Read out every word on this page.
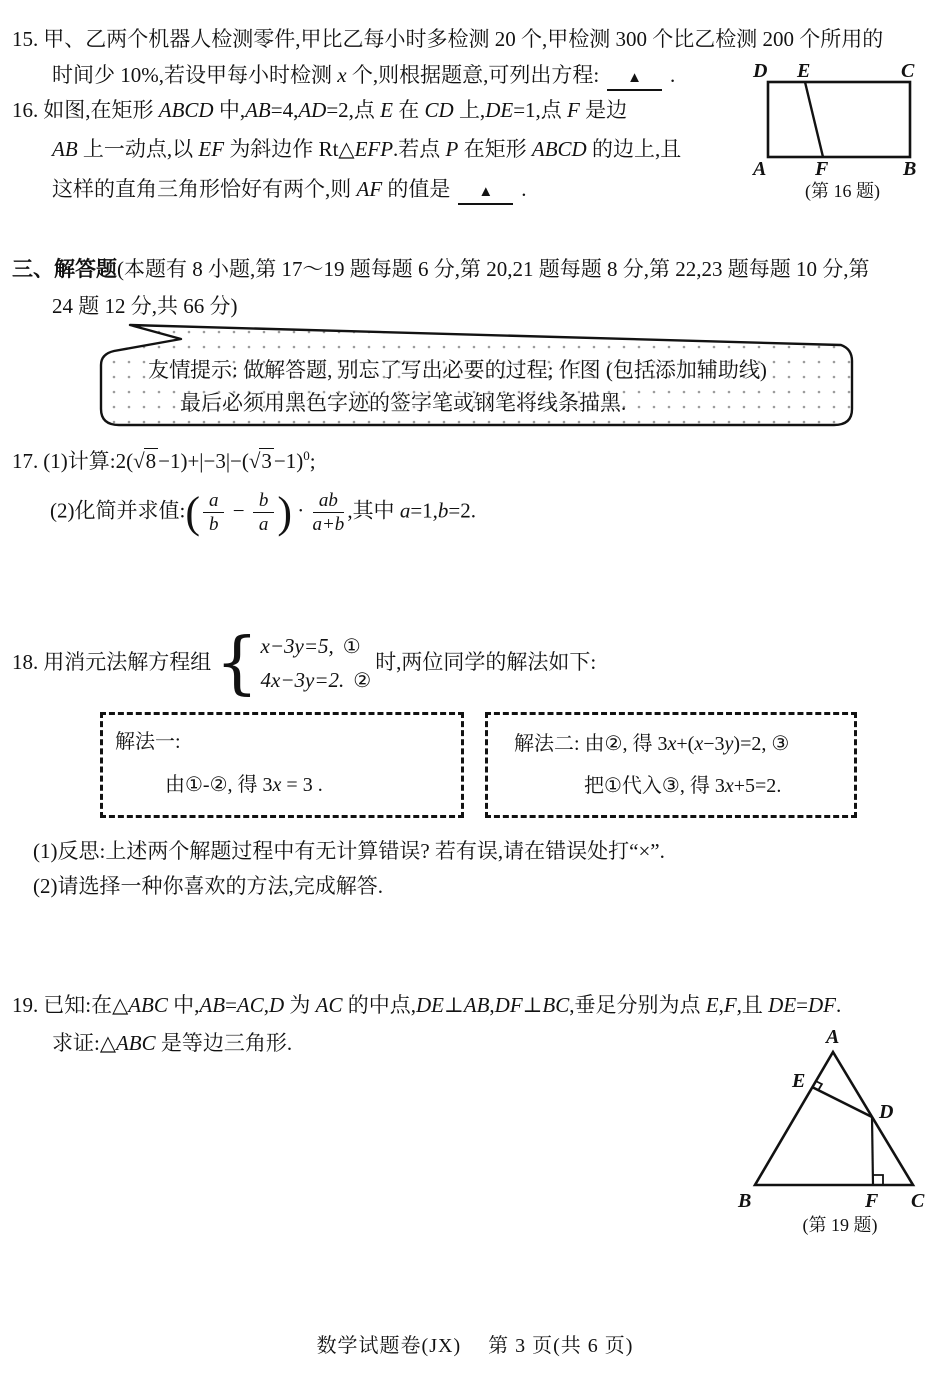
15. 甲、乙两个机器人检测零件,甲比乙每小时多检测 20 个,甲检测 300 个比乙检测 200 个所用的
时间少 10%,若设甲每小时检测 x 个,则根据题意,可列出方程: ▲ .
16. 如图,在矩形 ABCD 中,AB=4,AD=2,点 E 在 CD 上,DE=1,点 F 是边
AB 上一动点,以 EF 为斜边作 Rt△EFP.若点 P 在矩形 ABCD 的边上,且
这样的直角三角形恰好有两个,则 AF 的值是 ▲ .
D E	C
A F	B
(第 16 题)
三、解答题(本题有 8 小题,第 17～19 题每题 6 分,第 20,21 题每题 8 分,第 22,23 题每题 10 分,第
24 题 12 分,共 66 分)
友情提示: 做解答题, 别忘了写出必要的过程; 作图 (包括添加辅助线)
最后必须用黑色字迹的签字笔或钢笔将线条描黑.
17. (1)计算$:2(√8-1)+|-3|-(√3-1)^0$;
(2)化简并求值:( $\frac{a}{b} - \frac{b}{a}$ ) · $\frac{ab}{a+b}$ ,其中 a=1,b=2.
18. 用消元法解方程组 { x−3y=5, ①
4x−3y=2. ②
时,两位同学的解法如下:
解法一:
由①-②, 得 3x = 3 .
解法二: 由②, 得 3x+(x−3y)=2, ③
把①代入③, 得 3x+5=2.
(1)反思:上述两个解题过程中有无计算错误? 若有误,请在错误处打“×”.
(2)请选择一种你喜欢的方法,完成解答.
19. 已知:在△ABC 中,AB=AC,D 为 AC 的中点,DE⊥AB,DF⊥BC,垂足分别为点 E,F,且 DE=DF.
求证:△ABC 是等边三角形.	A
E
D
B	F C
(第 19 题)
数学试题卷(JX)　 第 3 页(共 6 页)
